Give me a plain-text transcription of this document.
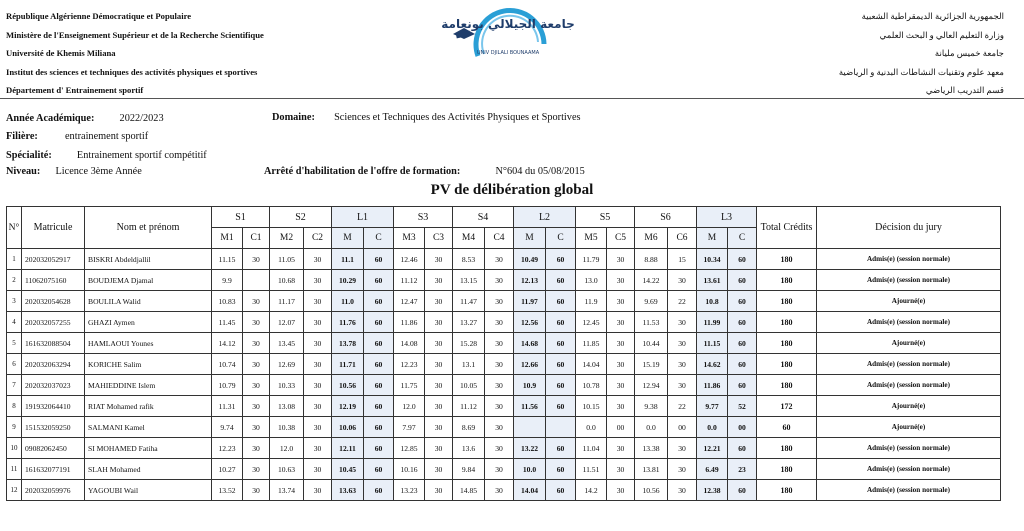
République Algérienne Démocratique et Populaire
Ministère de l'Enseignement Supérieur et de la Recherche Scientifique
Université de Khemis Miliana
Institut des sciences et techniques des activités physiques et sportives
Département d' Entrainement sportif
جامعة الجيلالي بونعامة
UNIV DJILALI BOUNAAMA
الجمهورية الجزائرية الديمقراطية الشعبية
وزارة التعليم العالي و البحث العلمي
جامعة خميس مليانة
معهد علوم وتقنيات النشاطات البدنية و الرياضية
قسم التدريب الرياضي
Année Académique: 2022/2023	Domaine: Sciences et Techniques des Activités Physiques et Sportives
Filière:	entrainement sportif
Spécialité: Entrainement sportif compétitif
Niveau: Licence 3ème Année	Arrêté d'habilitation de l'offre de formation:	N°604 du 05/08/2015
PV de délibération global
N°	Matricule	Nom et prénom	S1		S2		L1		S3		S4		L2		S5		S6		L3		Total Crédits	Décision du jury
			M1	C1	M2	C2	M	C	M3	C3	M4	C4	M	C	M5	C5	M6	C6	M	C		
1	202032052917	BISKRI Abdeldjallil	11.15	30	11.05	30	11.1	60	12.46	30	8.53	30	10.49	60	11.79	30	8.88	15	10.34	60	180	Admis(e) (session normale)
2	11062075160	BOUDJEMA Djamal	9.9		10.68	30	10.29	60	11.12	30	13.15	30	12.13	60	13.0	30	14.22	30	13.61	60	180	Admis(e) (session normale)
3	202032054628	BOULILA Walid	10.83	30	11.17	30	11.0	60	12.47	30	11.47	30	11.97	60	11.9	30	9.69	22	10.8	60	180	Ajourné(e)
4	202032057255	GHAZI Aymen	11.45	30	12.07	30	11.76	60	11.86	30	13.27	30	12.56	60	12.45	30	11.53	30	11.99	60	180	Admis(e) (session normale)
5	161632088504	HAMLAOUI Younes	14.12	30	13.45	30	13.78	60	14.08	30	15.28	30	14.68	60	11.85	30	10.44	30	11.15	60	180	Ajourné(e)
6	202032063294	KORICHE Salim	10.74	30	12.69	30	11.71	60	12.23	30	13.1	30	12.66	60	14.04	30	15.19	30	14.62	60	180	Admis(e) (session normale)
7	202032037023	MAHIEDDINE Islem	10.79	30	10.33	30	10.56	60	11.75	30	10.05	30	10.9	60	10.78	30	12.94	30	11.86	60	180	Admis(e) (session normale)
8	191932064410	RIAT Mohamed rafik	11.31	30	13.08	30	12.19	60	12.0	30	11.12	30	11.56	60	10.15	30	9.38	22	9.77	52	172	Ajourné(e)
9	151532059250	SALMANI Kamel	9.74	30	10.38	30	10.06	60	7.97	30	8.69	30			0.0	00	0.0	00	0.0	00	60	Ajourné(e)
10	09082062450	SI MOHAMED Fatiha	12.23	30	12.0	30	12.11	60	12.85	30	13.6	30	13.22	60	11.04	30	13.38	30	12.21	60	180	Admis(e) (session normale)
11	161632077191	SLAH Mohamed	10.27	30	10.63	30	10.45	60	10.16	30	9.84	30	10.0	60	11.51	30	13.81	30	6.49	23	180	Admis(e) (session normale)
12	202032059976	YAGOUBI Wail	13.52	30	13.74	30	13.63	60	13.23	30	14.85	30	14.04	60	14.2	30	10.56	30	12.38	60	180	Admis(e) (session normale)
